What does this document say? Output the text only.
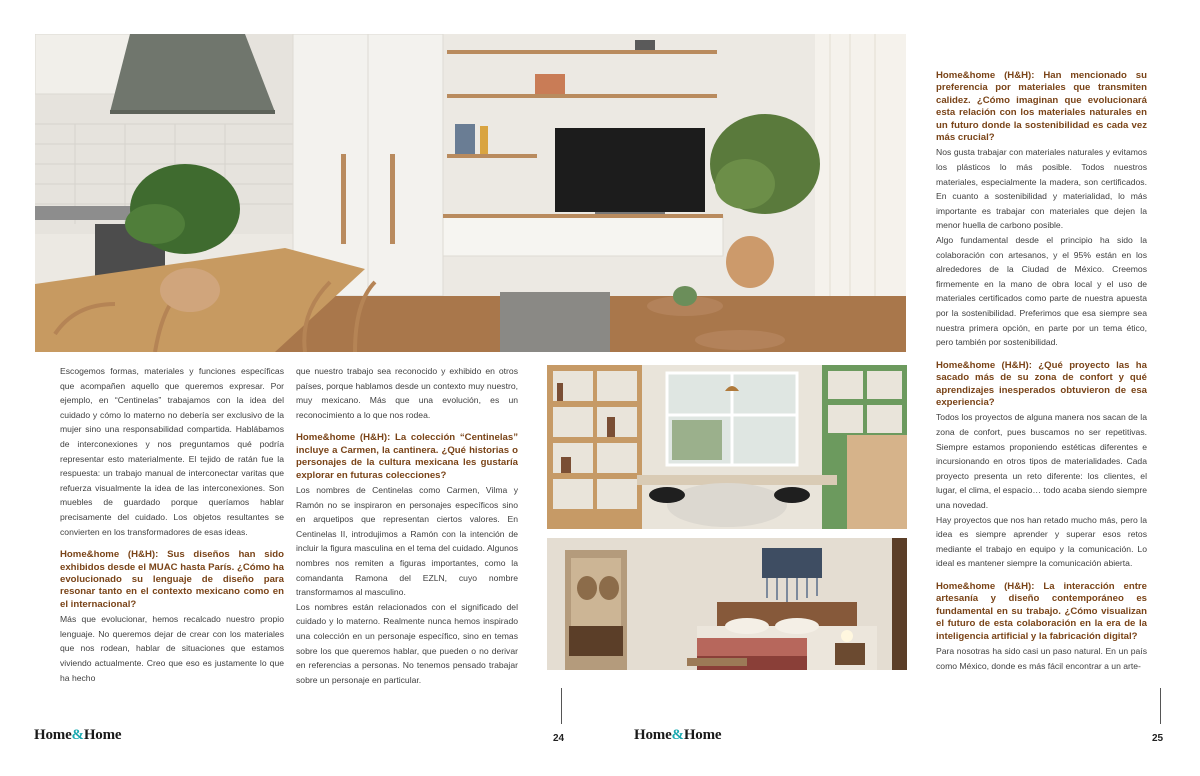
Escogemos formas, materiales y funciones específicas que acompañen aquello que queremos expresar. Por ejemplo, en “Centinelas” trabajamos con la idea del cuidado y cómo lo materno no debería ser exclusivo de la mujer sino una responsabilidad compartida. Hablábamos de interconexiones y nos preguntamos qué podría representar esto materialmente. El tejido de ratán fue la respuesta: un trabajo manual de interconectar varitas que refuerza visualmente la idea de las interconexiones. Son muebles de guardado porque queríamos hablar precisamente del cuidado. Los objetos resultantes se convierten en los transformadores de esas ideas.

Home&home (H&H): Sus diseños han sido exhibidos desde el MUAC hasta París. ¿Cómo ha evolucionado su lenguaje de diseño para resonar tanto en el contexto mexicano como en el internacional?

Más que evolucionar, hemos recalcado nuestro propio lenguaje. No queremos dejar de crear con los materiales que nos rodean, hablar de situaciones que estamos viviendo actualmente. Creo que eso es justamente lo que ha hecho

que nuestro trabajo sea reconocido y exhibido en otros países, porque hablamos desde un contexto muy nuestro, muy mexicano. Más que una evolución, es un reconocimiento a lo que nos rodea.

Home&home (H&H): La colección “Centinelas” incluye a Carmen, la cantinera. ¿Qué historias o personajes de la cultura mexicana les gustaría explorar en futuras colecciones?

Los nombres de Centinelas como Carmen, Vilma y Ramón no se inspiraron en personajes específicos sino en arquetipos que representan ciertos valores. En Centinelas II, introdujimos a Ramón con la intención de incluir la figura masculina en el tema del cuidado. Algunos nombres nos remiten a figuras importantes, como la comandanta Ramona del EZLN, cuyo nombre transformamos al masculino.

Los nombres están relacionados con el significado del cuidado y lo materno. Realmente nunca hemos inspirado una colección en un personaje específico, sino en temas sobre los que queremos hablar, que pueden o no derivar en referencias a personas. No tenemos pensado trabajar sobre un personaje en particular.

Home&home (H&H): Han mencionado su preferencia por materiales que transmiten calidez. ¿Cómo imaginan que evolucionará esta relación con los materiales naturales en un futuro donde la sostenibilidad es cada vez más crucial?

Nos gusta trabajar con materiales naturales y evitamos los plásticos lo más posible. Todos nuestros materiales, especialmente la madera, son certificados. En cuanto a sostenibilidad y materialidad, lo más importante es trabajar con materiales que dejen la menor huella de carbono posible.

Algo fundamental desde el principio ha sido la colaboración con artesanos, y el 95% están en los alrededores de la Ciudad de México. Creemos firmemente en la mano de obra local y el uso de materiales certificados como parte de nuestra apuesta por la sostenibilidad. Preferimos que esa siempre sea nuestra primera opción, en parte por un tema ético, pero también por sostenibilidad.

Home&home (H&H): ¿Qué proyecto las ha sacado más de su zona de confort y qué aprendizajes inesperados obtuvieron de esa experiencia?

Todos los proyectos de alguna manera nos sacan de la zona de confort, pues buscamos no ser repetitivas. Siempre estamos proponiendo estéticas diferentes e incursionando en otros tipos de materialidades. Cada proyecto presenta un reto diferente: los clientes, el lugar, el clima, el espacio… todo acaba siendo siempre una novedad.

Hay proyectos que nos han retado mucho más, pero la idea es siempre aprender y superar esos retos mediante el trabajo en equipo y la comunicación. Lo ideal es mantener siempre la comunicación abierta.

Home&home (H&H): La interacción entre artesanía y diseño contemporáneo es fundamental en su trabajo. ¿Cómo visualizan el futuro de esta colaboración en la era de la inteligencia artificial y la fabricación digital?

Para nosotras ha sido casi un paso natural. En un país como México, donde es más fácil encontrar a un arte-

Home&Home	24	Home&Home	25
